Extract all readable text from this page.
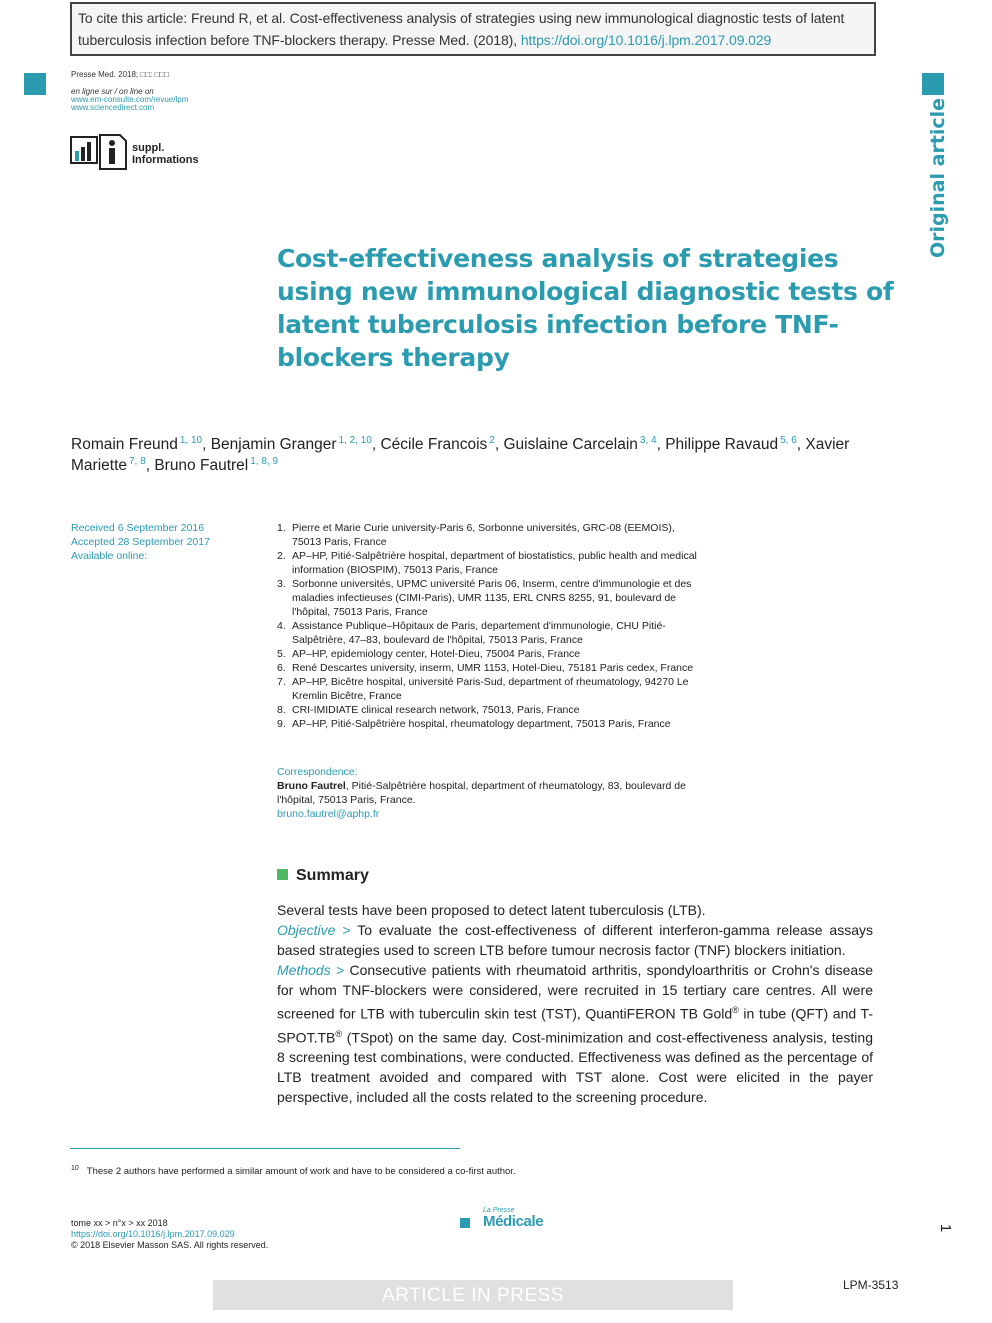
To cite this article: Freund R, et al. Cost-effectiveness analysis of strategies using new immunological diagnostic tests of latent tuberculosis infection before TNF-blockers therapy. Presse Med. (2018), https://doi.org/10.1016/j.lpm.2017.09.029
Presse Med. 2018; □□: □□□
en ligne sur / on line on
www.em-consulte.com/revue/lpm
www.sciencedirect.com
suppl.
Informations	Original article
Cost-effectiveness analysis of strategies using new immunological diagnostic tests of latent tuberculosis infection before TNF-blockers therapy
Romain Freund $^{1, 10}$, Benjamin Granger $^{1, 2, 10}$, Cécile Francois $^2$, Guislaine Carcelain $^{3, 4}$, Philippe Ravaud $^{5, 6}$, Xavier Mariette $^{7, 8}$, Bruno Fautrel $^{1, 8, 9}$
Received 6 September 2016
Accepted 28 September 2017
Available online:
1. Pierre et Marie Curie university-Paris 6, Sorbonne universités, GRC-08 (EEMOIS), 75013 Paris, France
2. AP–HP, Pitié-Salpêtrière hospital, department of biostatistics, public health and medical information (BIOSPIM), 75013 Paris, France
3. Sorbonne universités, UPMC université Paris 06, Inserm, centre d'immunologie et des maladies infectieuses (CIMI-Paris), UMR 1135, ERL CNRS 8255, 91, boulevard de l'hôpital, 75013 Paris, France
4. Assistance Publique–Hôpitaux de Paris, departement d'immunologie, CHU Pitié-Salpêtrière, 47–83, boulevard de l'hôpital, 75013 Paris, France
5. AP–HP, epidemiology center, Hotel-Dieu, 75004 Paris, France
6. René Descartes university, inserm, UMR 1153, Hotel-Dieu, 75181 Paris cedex, France
7. AP–HP, Bicêtre hospital, université Paris-Sud, department of rheumatology, 94270 Le Kremlin Bicêtre, France
8. CRI-IMIDIATE clinical research network, 75013, Paris, France
9. AP–HP, Pitié-Salpêtrière hospital, rheumatology department, 75013 Paris, France
Correspondence:
Bruno Fautrel, Pitié-Salpêtrière hospital, department of rheumatology, 83, boulevard de l'hôpital, 75013 Paris, France.
bruno.fautrel@aphp.fr
Summary

Several tests have been proposed to detect latent tuberculosis (LTB).

Objective > To evaluate the cost-effectiveness of different interferon-gamma release assays based strategies used to screen LTB before tumour necrosis factor (TNF) blockers initiation.

Methods > Consecutive patients with rheumatoid arthritis, spondyloarthritis or Crohn's disease for whom TNF-blockers were considered, were recruited in 15 tertiary care centres. All were screened for LTB with tuberculin skin test (TST), QuantiFERON TB Gold® in tube (QFT) and T-SPOT.TB® (TSpot) on the same day. Cost-minimization and cost-effectiveness analysis, testing 8 screening test combinations, were conducted. Effectiveness was defined as the percentage of LTB treatment avoided and compared with TST alone. Cost were elicited in the payer perspective, included all the costs related to the screening procedure.

$^{10}$ These 2 authors have performed a similar amount of work and have to be considered a co-first author.
tome xx > n°x > xx 2018
https://doi.org/10.1016/j.lpm.2017.09.029
© 2018 Elsevier Masson SAS. All rights reserved.
La Presse
Médicale	1
ARTICLE IN PRESS	LPM-3513
